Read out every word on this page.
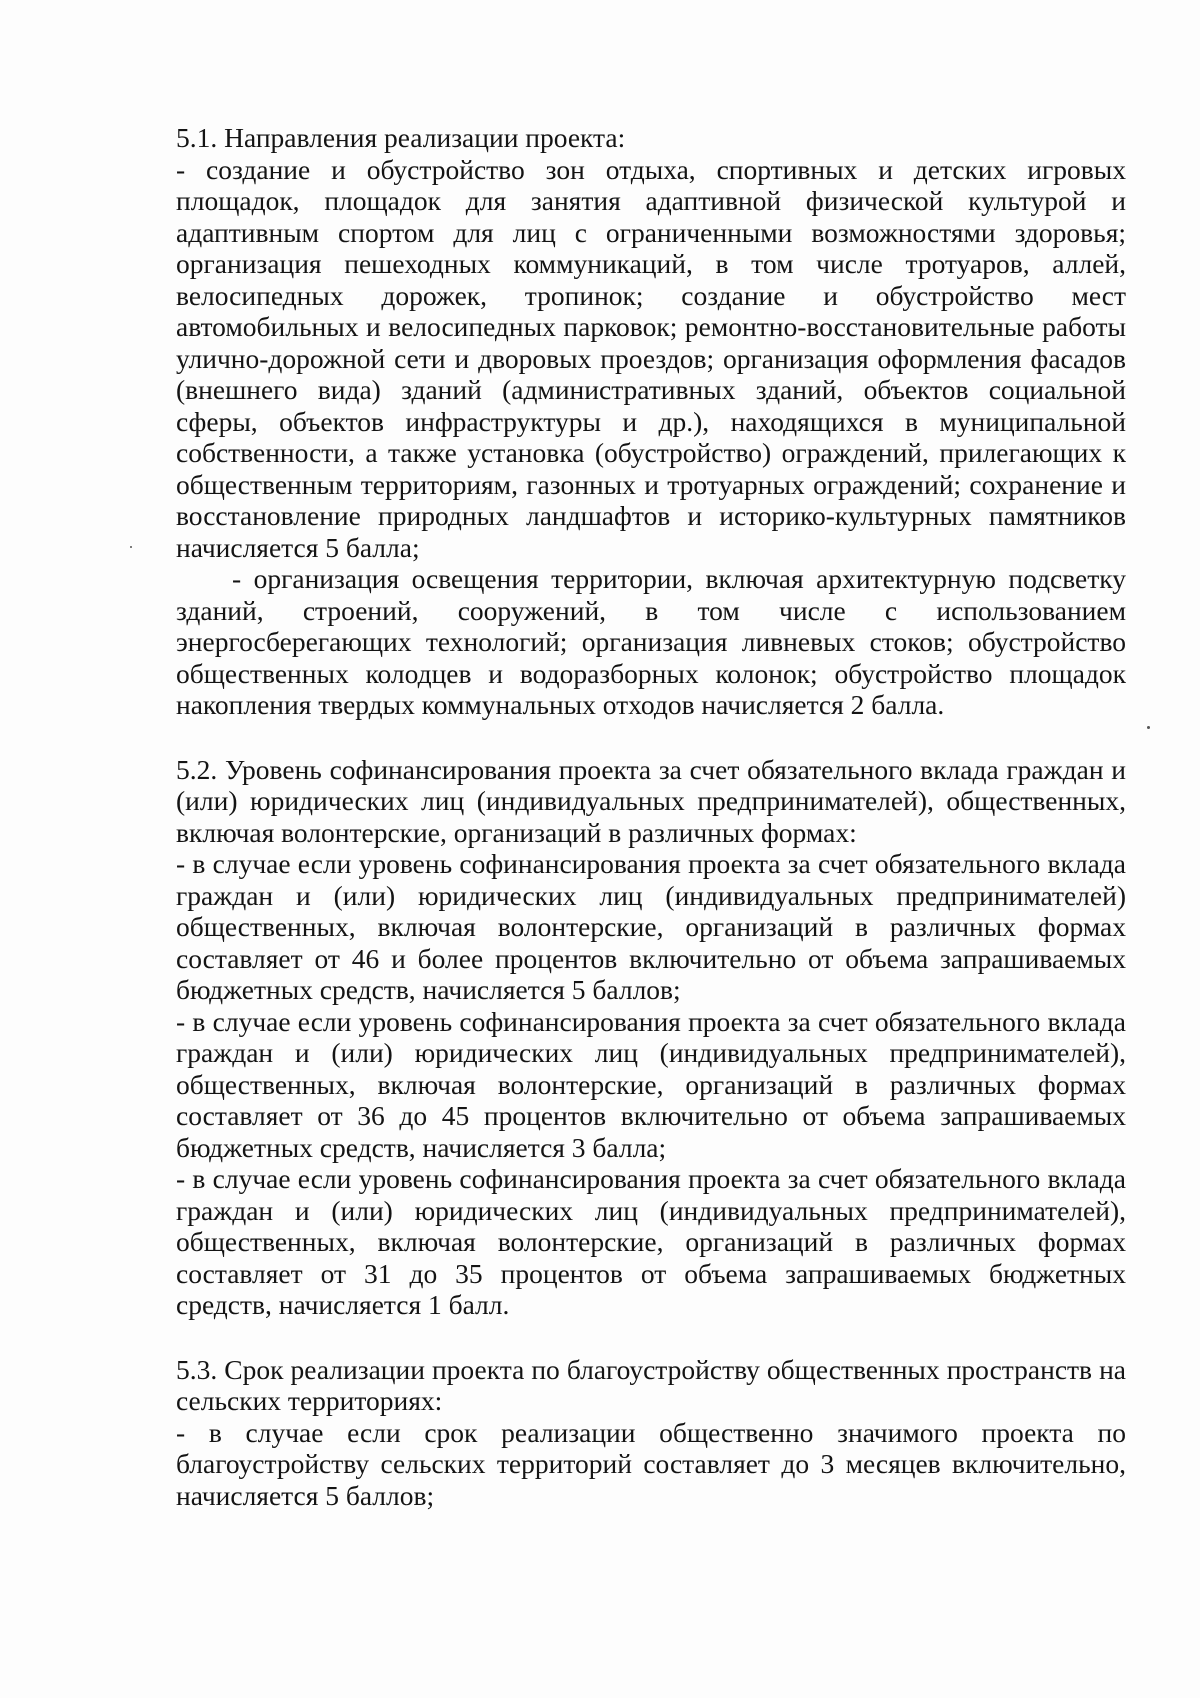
5.1. Направления реализации проекта:

- создание и обустройство зон отдыха, спортивных и детских игровых площадок, площадок для занятия адаптивной физической культурой и адаптивным спортом для лиц с ограниченными возможностями здоровья; организация пешеходных коммуникаций, в том числе тротуаров, аллей, велосипедных дорожек, тропинок; создание и обустройство мест автомобильных и велосипедных парковок; ремонтно-восстановительные работы улично-дорожной сети и дворовых проездов; организация оформления фасадов (внешнего вида) зданий (административных зданий, объектов социальной сферы, объектов инфраструктуры и др.), находящихся в муниципальной собственности, а также установка (обустройство) ограждений, прилегающих к общественным территориям, газонных и тротуарных ограждений; сохранение и восстановление природных ландшафтов и историко-культурных памятников начисляется 5 балла;

- организация освещения территории, включая архитектурную подсветку зданий, строений, сооружений, в том числе с использованием энергосберегающих технологий; организация ливневых стоков; обустройство общественных колодцев и водоразборных колонок; обустройство площадок накопления твердых коммунальных отходов начисляется 2 балла.

5.2. Уровень софинансирования проекта за счет обязательного вклада граждан и (или) юридических лиц (индивидуальных предпринимателей), общественных, включая волонтерские, организаций в различных формах:

- в случае если уровень софинансирования проекта за счет обязательного вклада граждан и (или) юридических лиц (индивидуальных предпринимателей) общественных, включая волонтерские, организаций в различных формах составляет от 46 и более процентов включительно от объема запрашиваемых бюджетных средств, начисляется 5 баллов;

- в случае если уровень софинансирования проекта за счет обязательного вклада граждан и (или) юридических лиц (индивидуальных предпринимателей), общественных, включая волонтерские, организаций в различных формах составляет от 36 до 45 процентов включительно от объема запрашиваемых бюджетных средств, начисляется 3 балла;

- в случае если уровень софинансирования проекта за счет обязательного вклада граждан и (или) юридических лиц (индивидуальных предпринимателей), общественных, включая волонтерские, организаций в различных формах составляет от 31 до 35 процентов от объема запрашиваемых бюджетных средств, начисляется 1 балл.

5.3. Срок реализации проекта по благоустройству общественных пространств на сельских территориях:

- в случае если срок реализации общественно значимого проекта по благоустройству сельских территорий составляет до 3 месяцев включительно, начисляется 5 баллов;
